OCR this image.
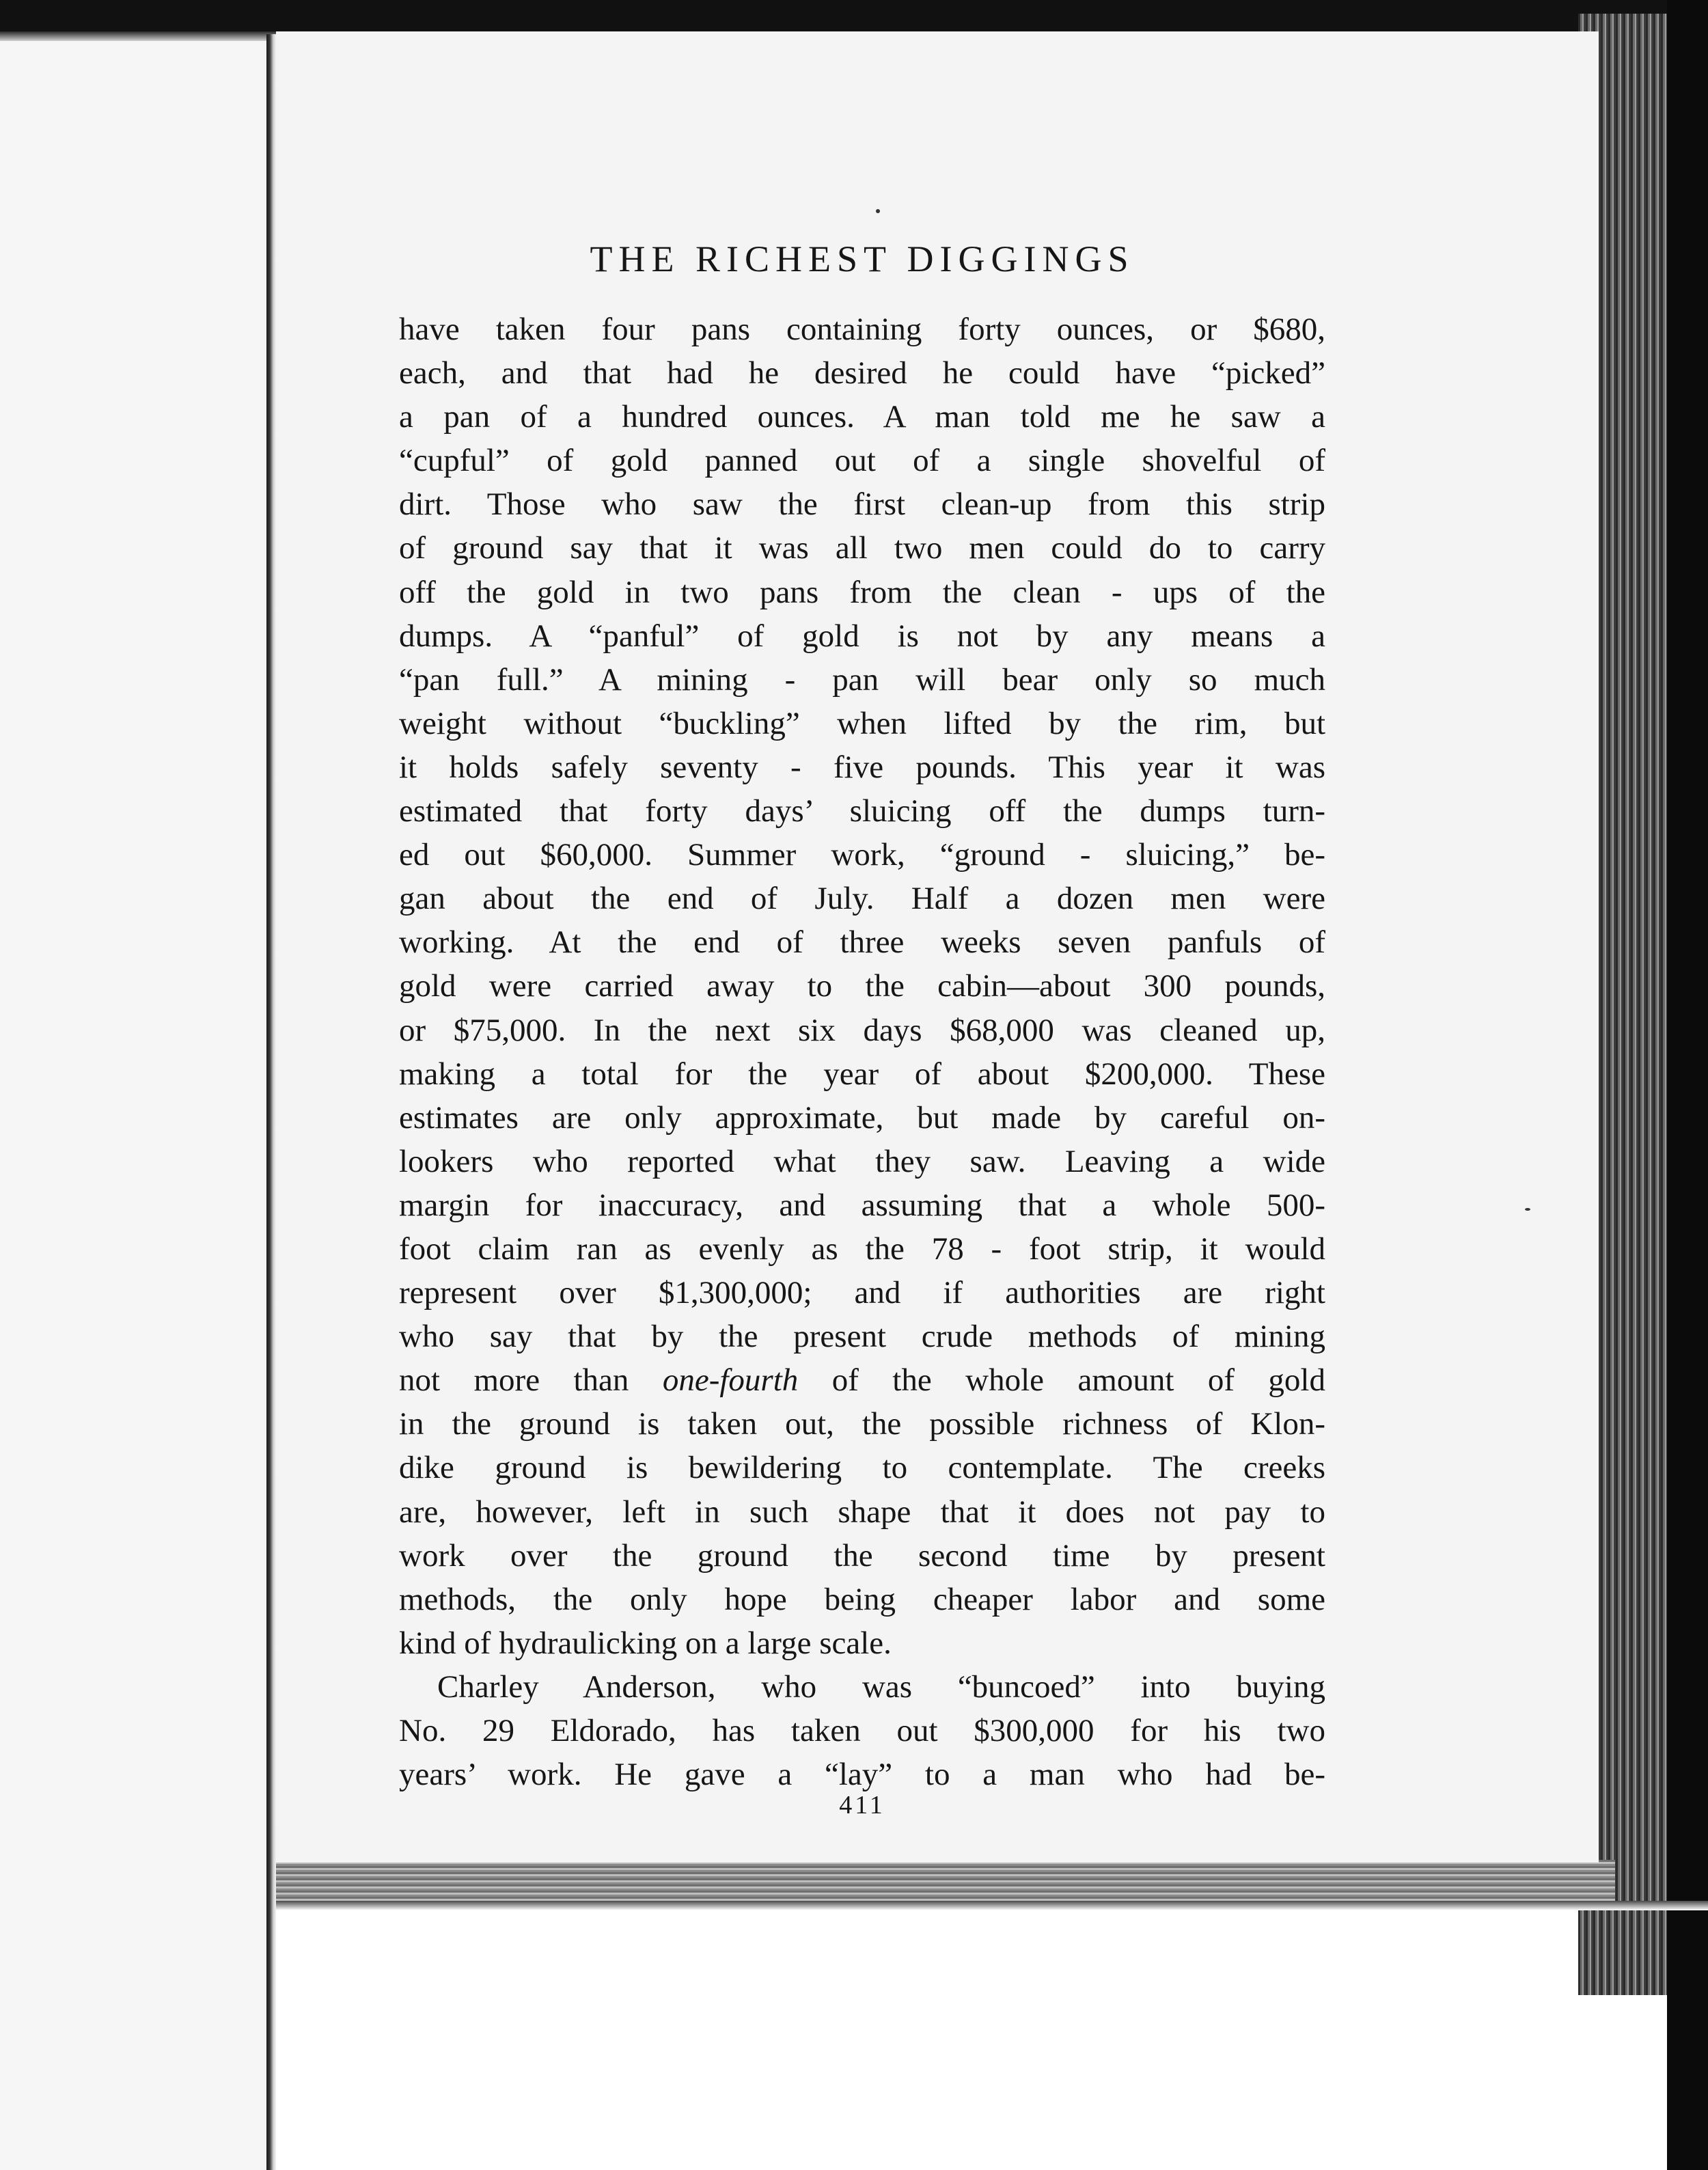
THE RICHEST DIGGINGS
have taken four pans containing forty ounces, or $680,
each, and that had he desired he could have “picked”
a pan of a hundred ounces. A man told me he saw a
“cupful” of gold panned out of a single shovelful of
dirt. Those who saw the first clean-up from this strip
of ground say that it was all two men could do to carry
off the gold in two pans from the clean - ups of the
dumps. A “panful” of gold is not by any means a
“pan full.” A mining - pan will bear only so much
weight without “buckling” when lifted by the rim, but
it holds safely seventy - five pounds. This year it was
estimated that forty days’ sluicing off the dumps turn-
ed out $60,000. Summer work, “ground - sluicing,” be-
gan about the end of July. Half a dozen men were
working. At the end of three weeks seven panfuls of
gold were carried away to the cabin—about 300 pounds,
or $75,000. In the next six days $68,000 was cleaned up,
making a total for the year of about $200,000. These
estimates are only approximate, but made by careful on-
lookers who reported what they saw. Leaving a wide
margin for inaccuracy, and assuming that a whole 500-
foot claim ran as evenly as the 78 - foot strip, it would
represent over $1,300,000; and if authorities are right
who say that by the present crude methods of mining
not more than one-fourth of the whole amount of gold
in the ground is taken out, the possible richness of Klon-
dike ground is bewildering to contemplate. The creeks
are, however, left in such shape that it does not pay to
work over the ground the second time by present
methods, the only hope being cheaper labor and some
kind of hydraulicking on a large scale.
Charley Anderson, who was “buncoed” into buying
No. 29 Eldorado, has taken out $300,000 for his two
years’ work. He gave a “lay” to a man who had be-
411
